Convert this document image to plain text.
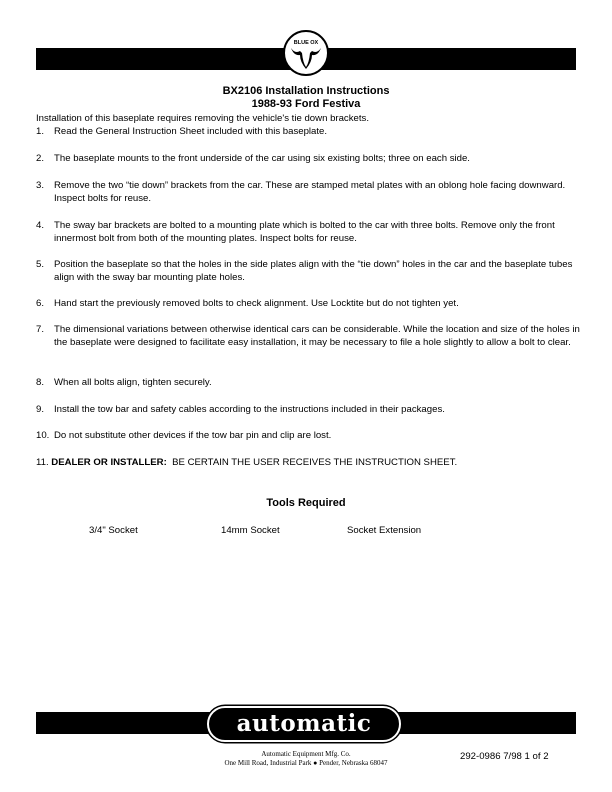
BLUE OX
BX2106 Installation Instructions
1988-93 Ford Festiva
Installation of this baseplate requires removing the vehicle's tie down brackets.
1. Read the General Instruction Sheet included with this baseplate.
2. The baseplate mounts to the front underside of the car using six existing bolts; three on each side.
3. Remove the two “tie down” brackets from the car. These are stamped metal plates with an oblong hole facing downward. Inspect bolts for reuse.
4. The sway bar brackets are bolted to a mounting plate which is bolted to the car with three bolts. Remove only the front innermost bolt from both of the mounting plates. Inspect bolts for reuse.
5. Position the baseplate so that the holes in the side plates align with the “tie down” holes in the car and the baseplate tubes align with the sway bar mounting plate holes.
6. Hand start the previously removed bolts to check alignment. Use Locktite but do not tighten yet.
7. The dimensional variations between otherwise identical cars can be considerable. While the location and size of the holes in the baseplate were designed to facilitate easy installation, it may be necessary to file a hole slightly to allow a bolt to clear.
8. When all bolts align, tighten securely.
9. Install the tow bar and safety cables according to the instructions included in their packages.
10. Do not substitute other devices if the tow bar pin and clip are lost.
11. DEALER OR INSTALLER: BE CERTAIN THE USER RECEIVES THE INSTRUCTION SHEET.
Tools Required
3/4" Socket	14mm Socket	Socket Extension
automatic
Automatic Equipment Mfg. Co.
One Mill Road, Industrial Park ● Pender, Nebraska 68047
292-0986 7/98 1 of 2
